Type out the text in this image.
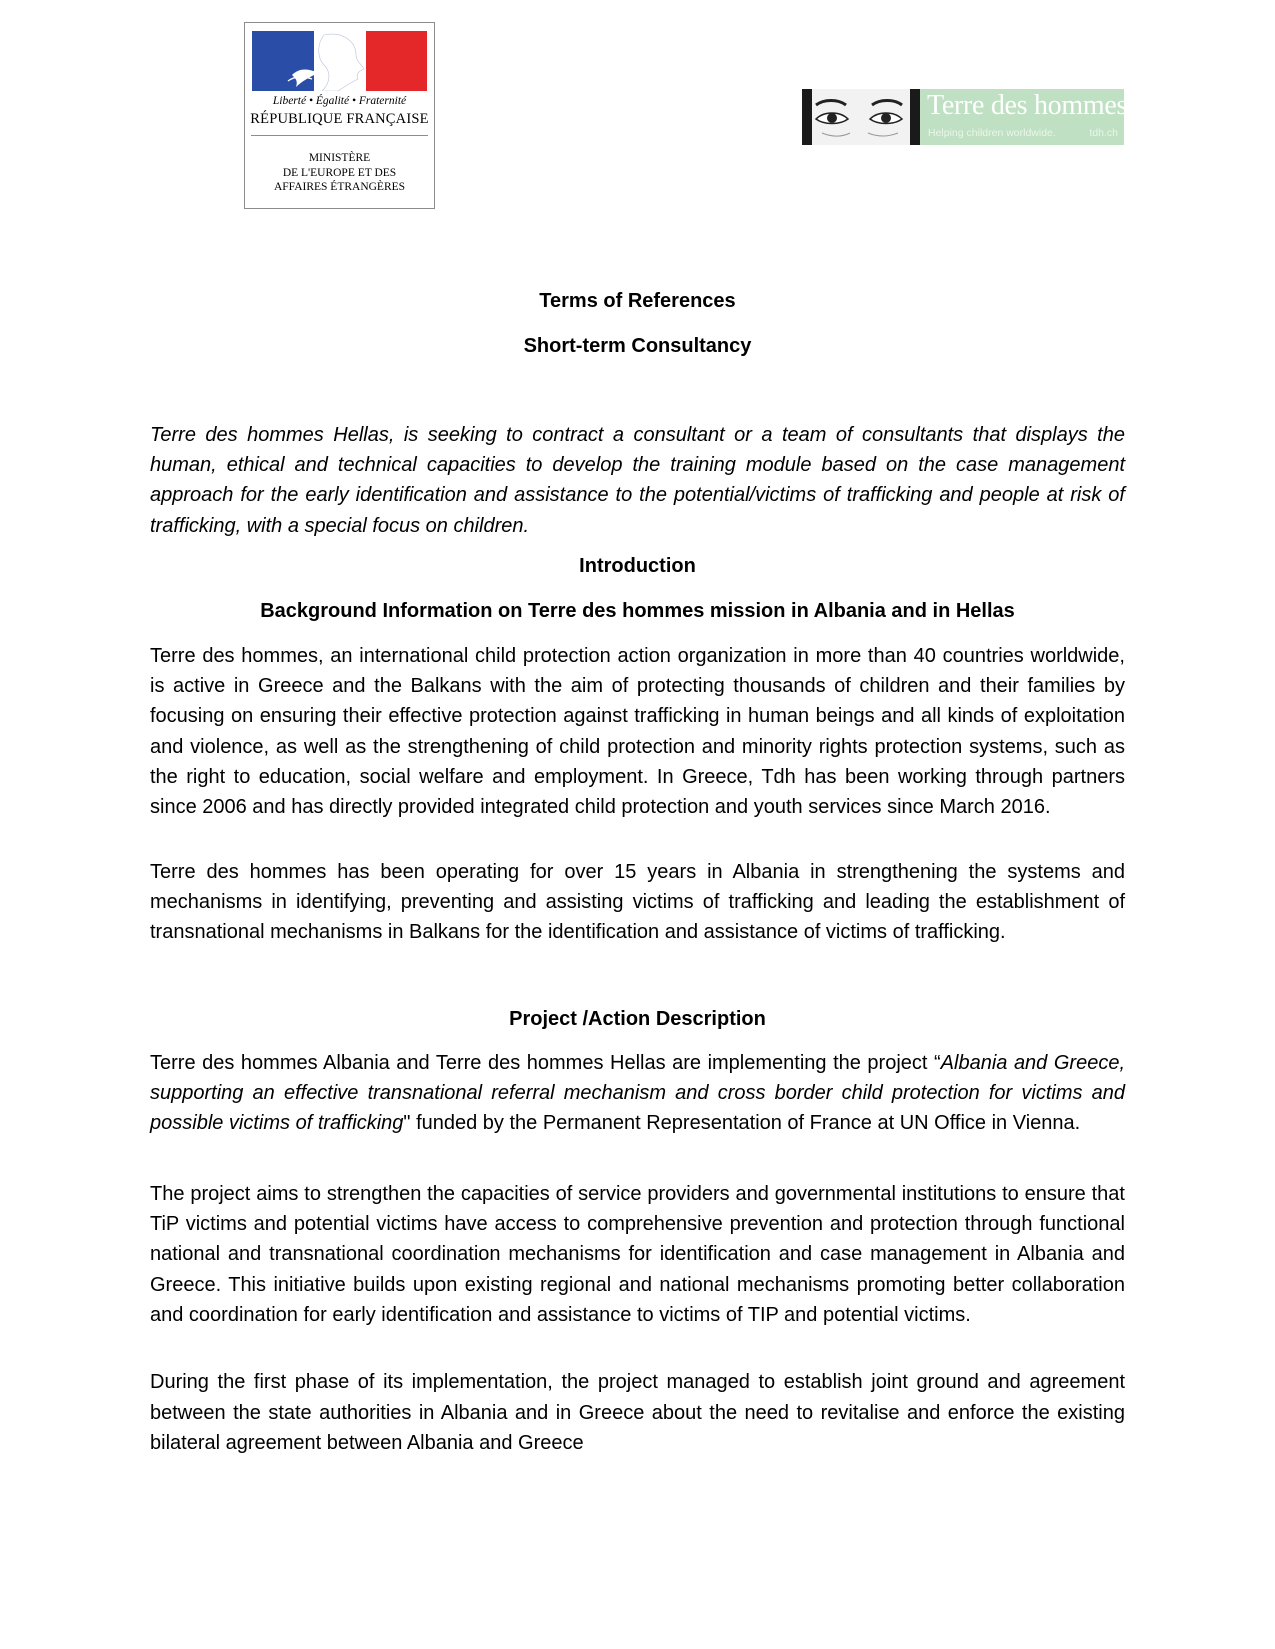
Liberté • Égalité • Fraternité
RÉPUBLIQUE FRANÇAISE
MINISTÈRE
DE L'EUROPE ET DES
AFFAIRES ÉTRANGÈRES
Terre des hommes
Helping children worldwide.	tdh.ch
Terms of References
Short-term Consultancy

Terre des hommes Hellas, is seeking to contract a consultant or a team of consultants that displays the human, ethical and technical capacities to develop the training module based on the case management approach for the early identification and assistance to the potential/victims of trafficking and people at risk of trafficking, with a special focus on children.

Introduction
Background Information on Terre des hommes mission in Albania and in Hellas

Terre des hommes, an international child protection action organization in more than 40 countries worldwide, is active in Greece and the Balkans with the aim of protecting thousands of children and their families by focusing on ensuring their effective protection against trafficking in human beings and all kinds of exploitation and violence, as well as the strengthening of child protection and minority rights protection systems, such as the right to education, social welfare and employment. In Greece, Tdh has been working through partners since 2006 and has directly provided integrated child protection and youth services since March 2016.

Terre des hommes has been operating for over 15 years in Albania in strengthening the systems and mechanisms in identifying, preventing and assisting victims of trafficking and leading the establishment of transnational mechanisms in Balkans for the identification and assistance of victims of trafficking.

Project /Action Description

Terre des hommes Albania and Terre des hommes Hellas are implementing the project “Albania and Greece, supporting an effective transnational referral mechanism and cross border child protection for victims and possible victims of trafficking" funded by the Permanent Representation of France at UN Office in Vienna.

The project aims to strengthen the capacities of service providers and governmental institutions to ensure that TiP victims and potential victims have access to comprehensive prevention and protection through functional national and transnational coordination mechanisms for identification and case management in Albania and Greece. This initiative builds upon existing regional and national mechanisms promoting better collaboration and coordination for early identification and assistance to victims of TIP and potential victims.

During the first phase of its implementation, the project managed to establish joint ground and agreement between the state authorities in Albania and in Greece about the need to revitalise and enforce the existing bilateral agreement between Albania and Greece
